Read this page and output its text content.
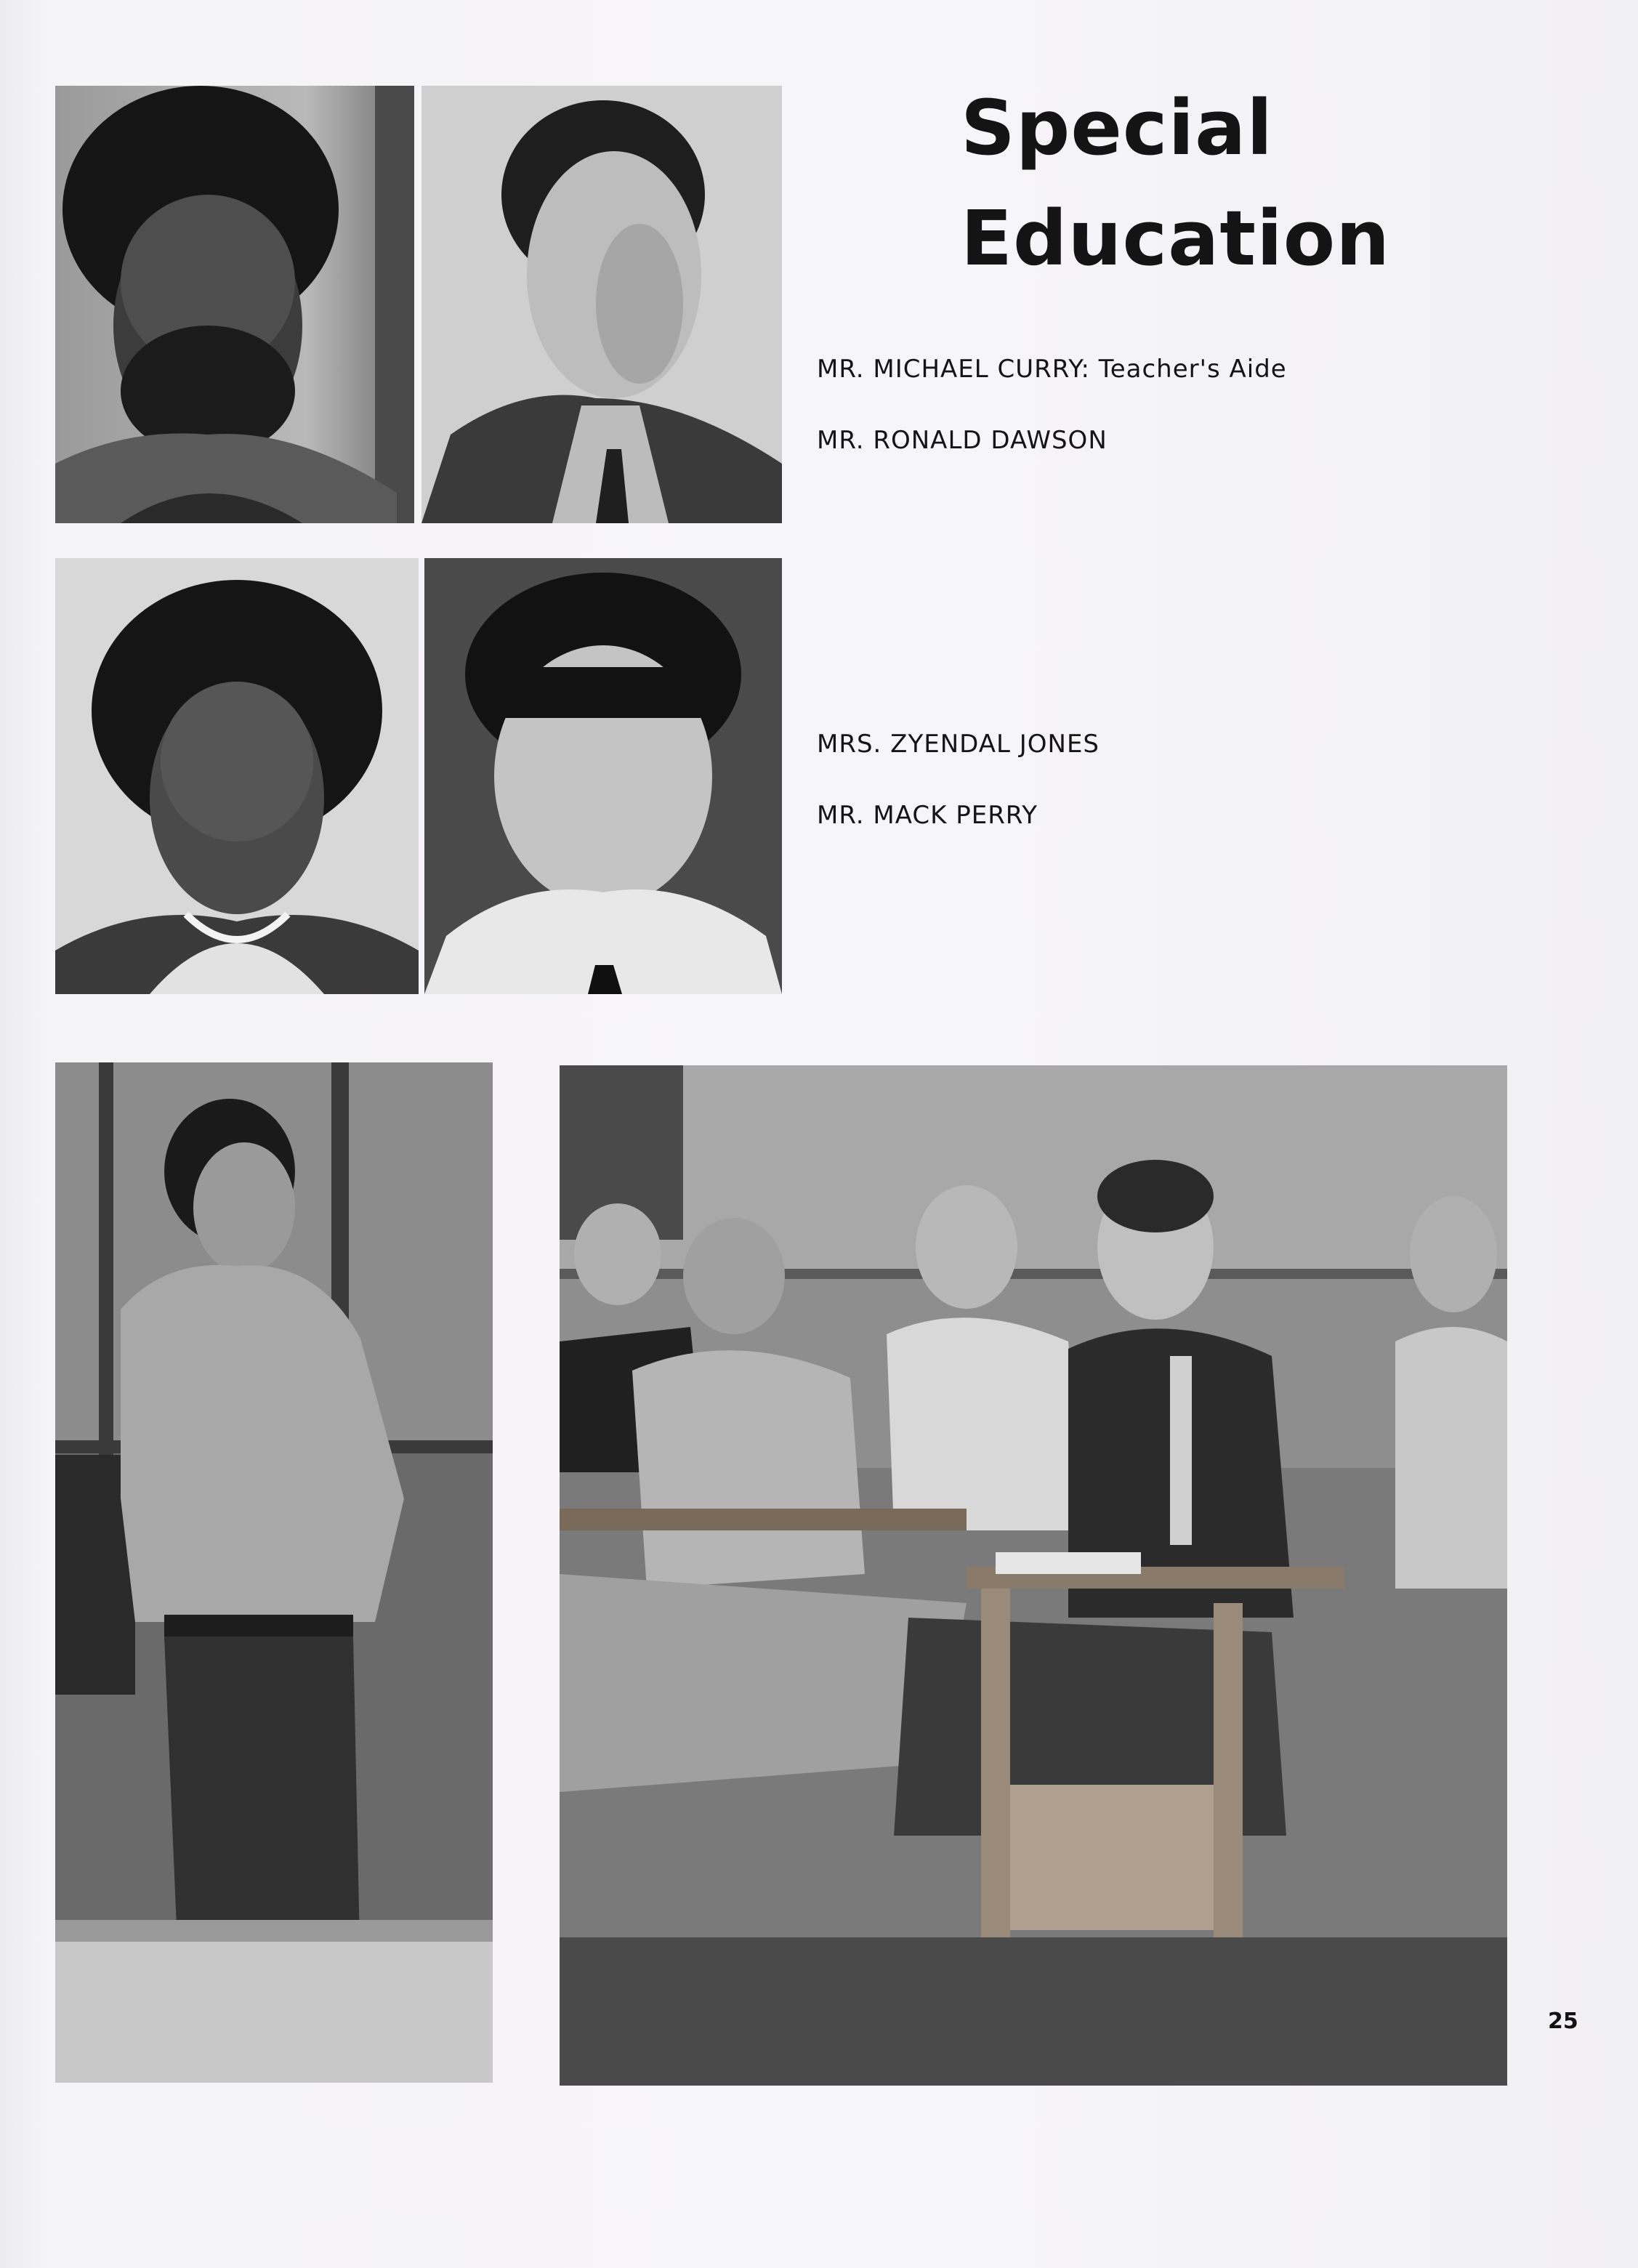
Special
Education
MR. MICHAEL CURRY: Teacher's Aide
MR. RONALD DAWSON
MRS. ZYENDAL JONES
MR. MACK PERRY
25
